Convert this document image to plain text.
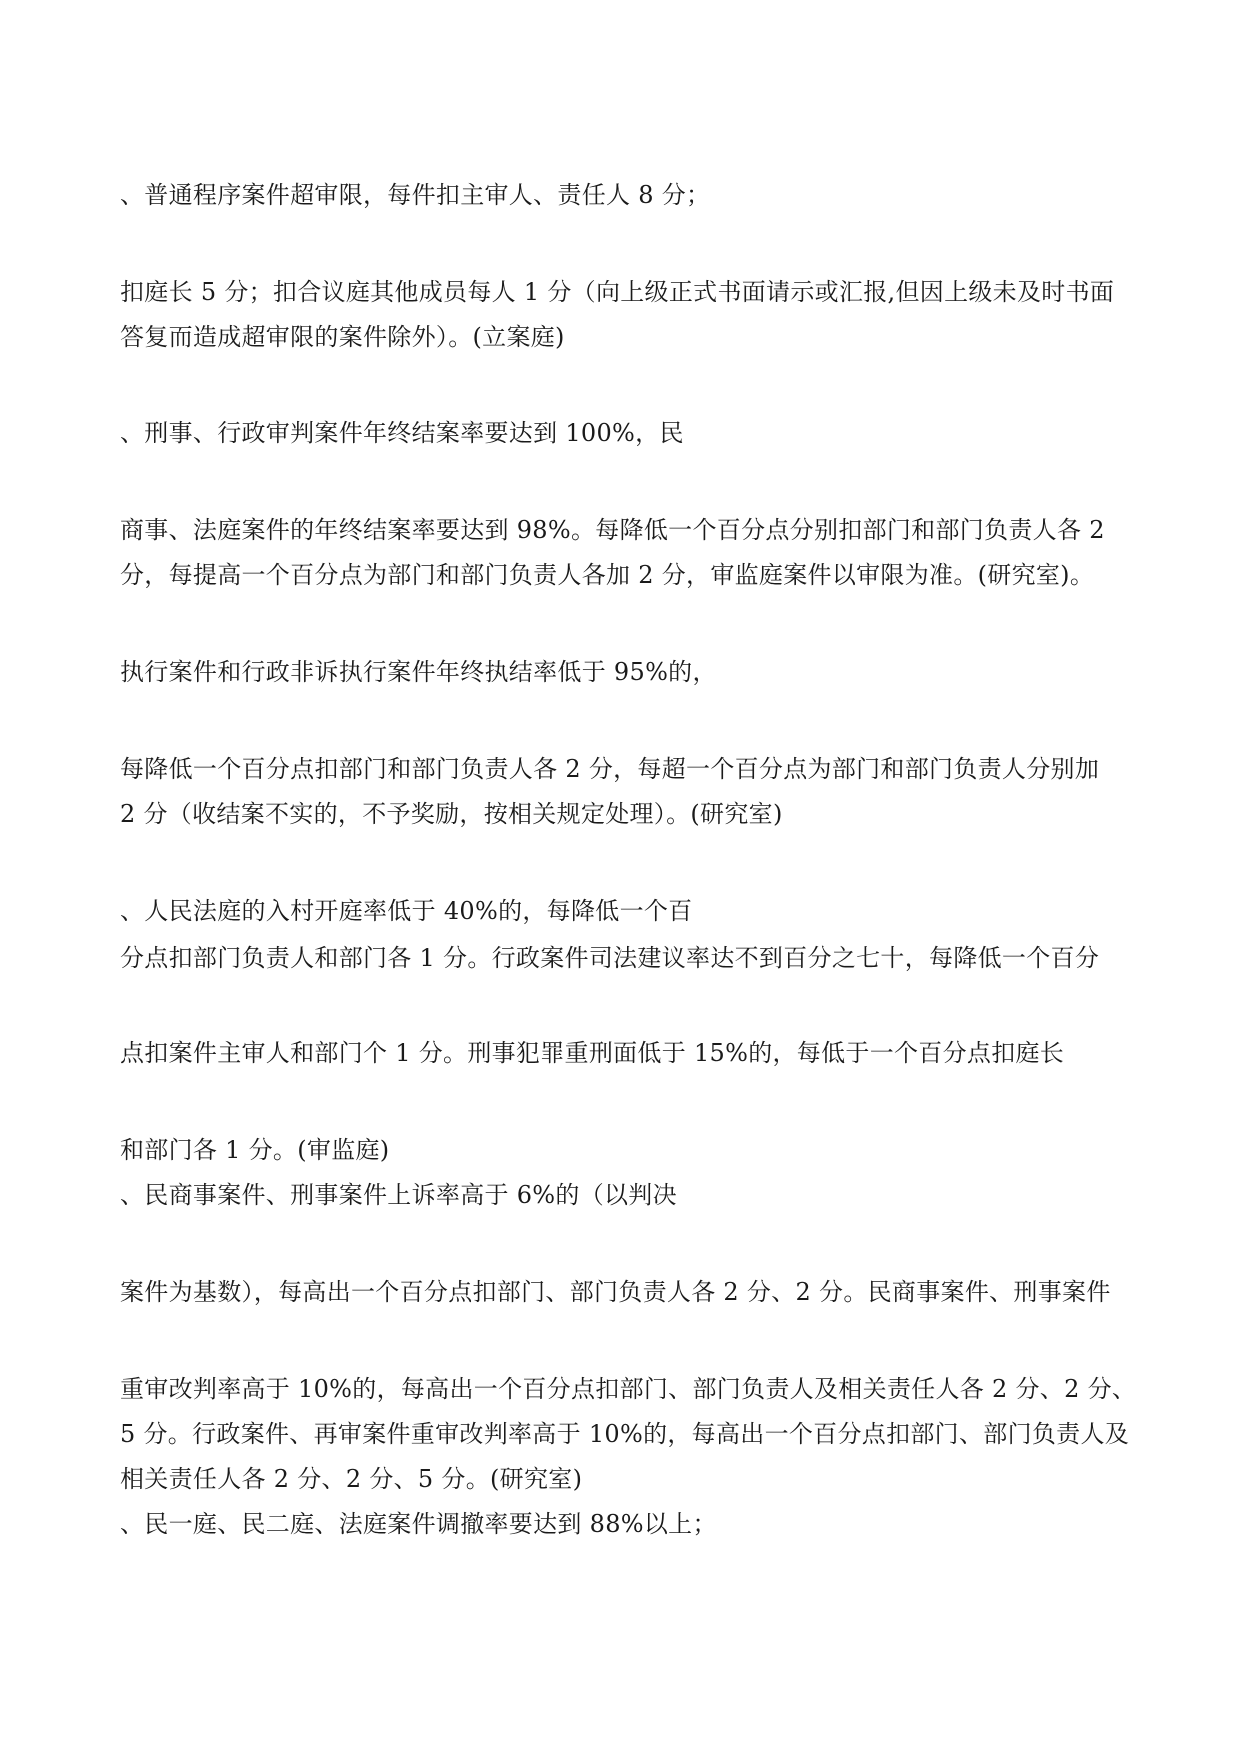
、普通程序案件超审限，每件扣主审人、责任人 8 分；
扣庭长 5 分；扣合议庭其他成员每人 1 分（向上级正式书面请示或汇报,但因上级未及时书面
答复而造成超审限的案件除外）。(立案庭)
、刑事、行政审判案件年终结案率要达到 100%，民
商事、法庭案件的年终结案率要达到 98%。每降低一个百分点分别扣部门和部门负责人各 2
分，每提高一个百分点为部门和部门负责人各加 2 分，审监庭案件以审限为准。(研究室)。
执行案件和行政非诉执行案件年终执结率低于 95%的，
每降低一个百分点扣部门和部门负责人各 2 分，每超一个百分点为部门和部门负责人分别加
2 分（收结案不实的，不予奖励，按相关规定处理）。(研究室)
、人民法庭的入村开庭率低于 40%的，每降低一个百
分点扣部门负责人和部门各 1 分。行政案件司法建议率达不到百分之七十，每降低一个百分
点扣案件主审人和部门个 1 分。刑事犯罪重刑面低于 15%的，每低于一个百分点扣庭长
和部门各 1 分。(审监庭)
、民商事案件、刑事案件上诉率高于 6%的（以判决
案件为基数），每高出一个百分点扣部门、部门负责人各 2 分、2 分。民商事案件、刑事案件
重审改判率高于 10%的，每高出一个百分点扣部门、部门负责人及相关责任人各 2 分、2 分、
5 分。行政案件、再审案件重审改判率高于 10%的，每高出一个百分点扣部门、部门负责人及
相关责任人各 2 分、2 分、5 分。(研究室)
、民一庭、民二庭、法庭案件调撤率要达到 88%以上；
